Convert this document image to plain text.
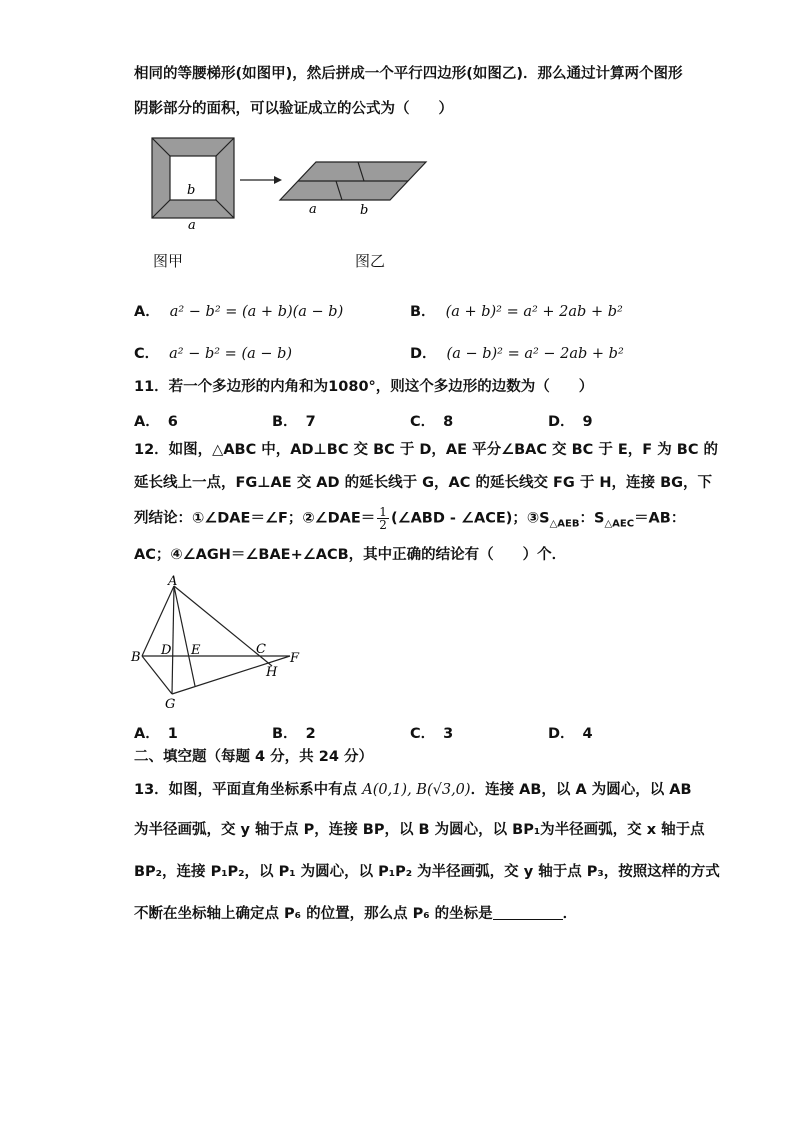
相同的等腰梯形(如图甲)，然后拼成一个平行四边形(如图乙)．那么通过计算两个图形
阴影部分的面积，可以验证成立的公式为（　　）
b
a
a	b
图甲	图乙
A． a² − b² = (a + b)(a − b)	B． (a + b)² = a² + 2ab + b²
C． a² − b² = (a − b)	D． (a − b)² = a² − 2ab + b²
11．若一个多边形的内角和为1080°，则这个多边形的边数为（　　）
A． 6	B． 7	C． 8	D． 9
12．如图，△ABC 中，AD⊥BC 交 BC 于 D，AE 平分∠BAC 交 BC 于 E，F 为 BC 的
延长线上一点，FG⊥AE 交 AD 的延长线于 G，AC 的延长线交 FG 于 H，连接 BG，下
列结论：①∠DAE＝∠F；②∠DAE＝ $\frac{1}{2}$ (∠ABD - ∠ACE)；$③S_{\triangle AEB}$：$S_{\triangle AEC}=AB$：
AC；④∠AGH＝∠BAE+∠ACB，其中正确的结论有（　　）个．
A
B D E	C
F
H
G
A． 1	B． 2	C． 3	D． 4
二、填空题（每题 4 分，共 24 分）
13．如图，平面直角坐标系中有点 A(0,1), B(√3,0)．连接 AB，以 A 为圆心，以 AB
为半径画弧，交 y 轴于点 P，连接 BP，以 B 为圆心，以 BP₁为半径画弧，交 x 轴于点
BP₂，连接 P₁P₂，以 P₁ 为圆心，以 P₁P₂ 为半径画弧，交 y 轴于点 P₃，按照这样的方式
不断在坐标轴上确定点 P₆ 的位置，那么点 P₆ 的坐标是	．
